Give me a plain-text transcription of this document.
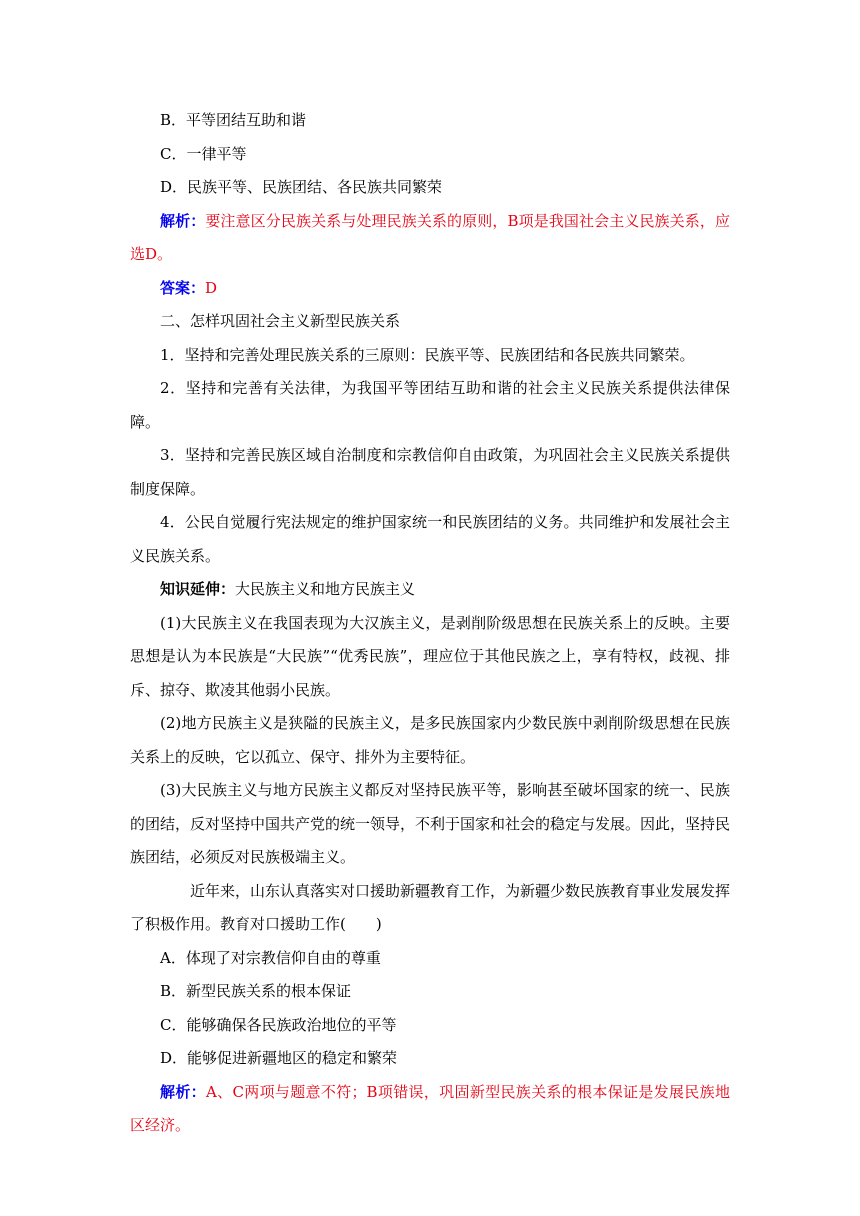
B．平等团结互助和谐

C．一律平等

D．民族平等、民族团结、各民族共同繁荣

解析：要注意区分民族关系与处理民族关系的原则，B项是我国社会主义民族关系，应选D。

答案：D

二、怎样巩固社会主义新型民族关系

1．坚持和完善处理民族关系的三原则：民族平等、民族团结和各民族共同繁荣。

2．坚持和完善有关法律，为我国平等团结互助和谐的社会主义民族关系提供法律保障。

3．坚持和完善民族区域自治制度和宗教信仰自由政策，为巩固社会主义民族关系提供制度保障。

4．公民自觉履行宪法规定的维护国家统一和民族团结的义务。共同维护和发展社会主义民族关系。

知识延伸：大民族主义和地方民族主义

(1)大民族主义在我国表现为大汉族主义，是剥削阶级思想在民族关系上的反映。主要思想是认为本民族是“大民族”“优秀民族”，理应位于其他民族之上，享有特权，歧视、排斥、掠夺、欺凌其他弱小民族。

(2)地方民族主义是狭隘的民族主义，是多民族国家内少数民族中剥削阶级思想在民族关系上的反映，它以孤立、保守、排外为主要特征。

(3)大民族主义与地方民族主义都反对坚持民族平等，影响甚至破坏国家的统一、民族的团结，反对坚持中国共产党的统一领导，不利于国家和社会的稳定与发展。因此，坚持民族团结，必须反对民族极端主义。

近年来，山东认真落实对口援助新疆教育工作，为新疆少数民族教育事业发展发挥了积极作用。教育对口援助工作(　　)

A．体现了对宗教信仰自由的尊重

B．新型民族关系的根本保证

C．能够确保各民族政治地位的平等

D．能够促进新疆地区的稳定和繁荣

解析：A、C两项与题意不符；B项错误，巩固新型民族关系的根本保证是发展民族地区经济。
